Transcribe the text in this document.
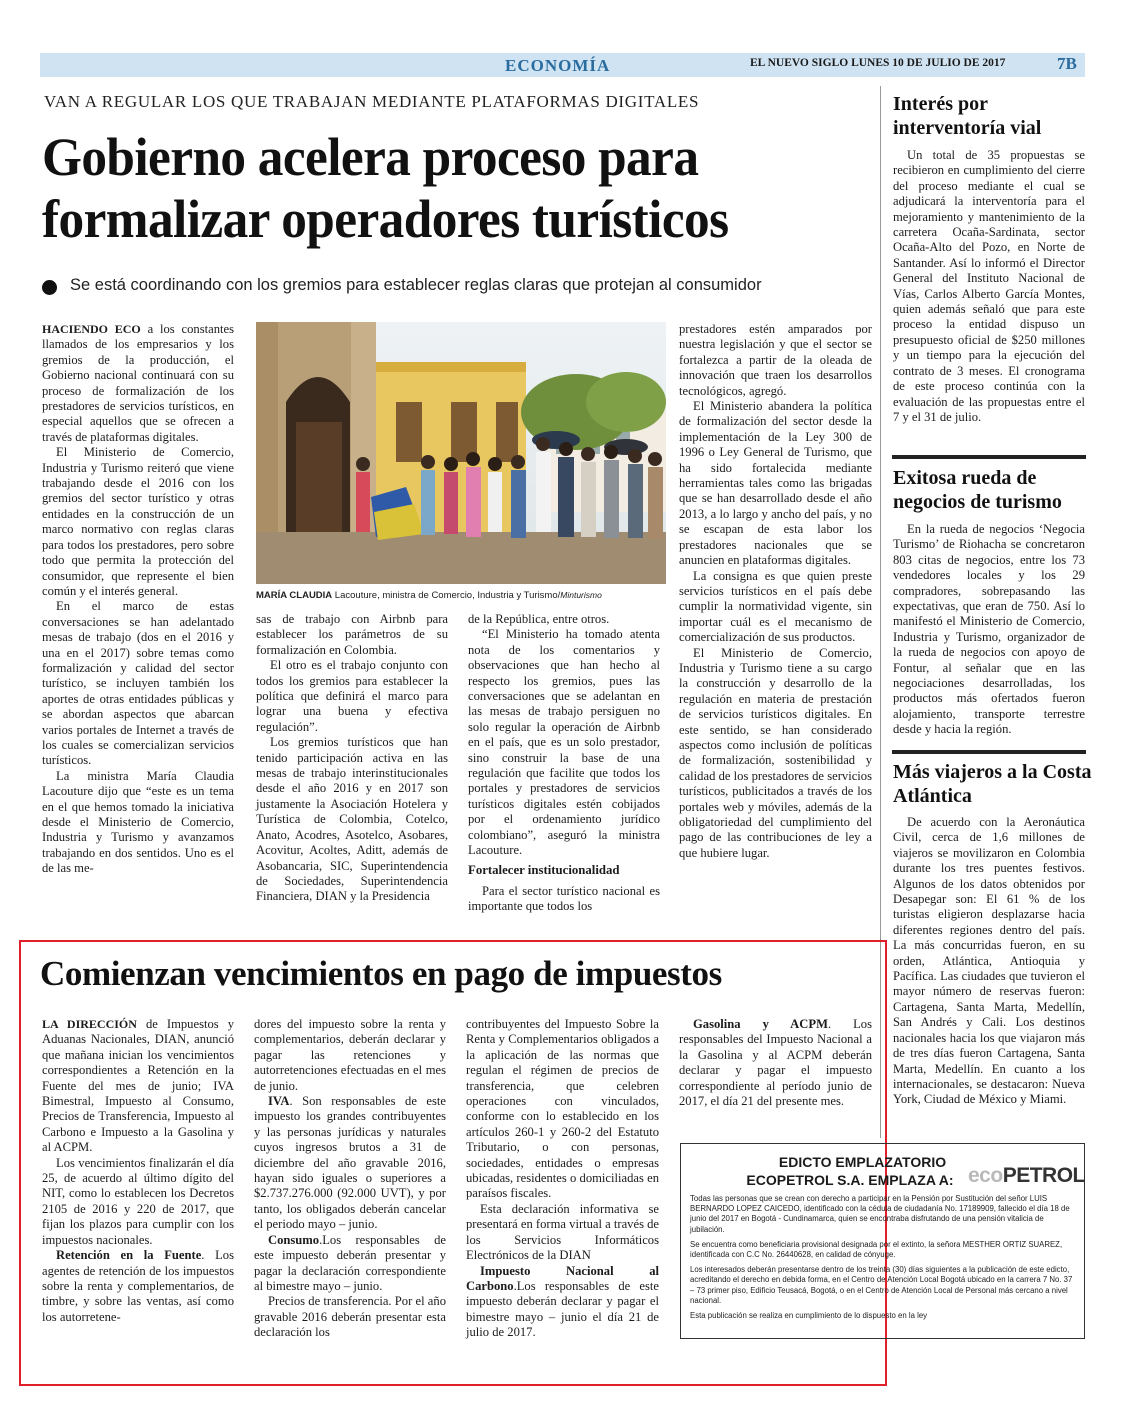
ECONOMÍA	EL NUEVO SIGLO LUNES 10 DE JULIO DE 2017	7B
VAN A REGULAR LOS QUE TRABAJAN MEDIANTE PLATAFORMAS DIGITALES
Gobierno acelera proceso para formalizar operadores turísticos
Se está coordinando con los gremios para establecer reglas claras que protejan al consumidor

HACIENDO ECO a los constantes llamados de los empresarios y los gremios de la producción, el Gobierno nacional continuará con su proceso de formalización de los prestadores de servicios turísticos, en especial aquellos que se ofrecen a través de plataformas digitales.

El Ministerio de Comercio, Industria y Turismo reiteró que viene trabajando desde el 2016 con los gremios del sector turístico y otras entidades en la construcción de un marco normativo con reglas claras para todos los prestadores, pero sobre todo que permita la protección del consumidor, que represente el bien común y el interés general.

En el marco de estas conversaciones se han adelantado mesas de trabajo (dos en el 2016 y una en el 2017) sobre temas como formalización y calidad del sector turístico, se incluyen también los aportes de otras entidades públicas y se abordan aspectos que abarcan varios portales de Internet a través de los cuales se comercializan servicios turísticos.

La ministra María Claudia Lacouture dijo que “este es un tema en el que hemos tomado la iniciativa desde el Ministerio de Comercio, Industria y Turismo y avanzamos trabajando en dos sentidos. Uno es el de las me-

MARÍA CLAUDIA Lacouture, ministra de Comercio, Industria y Turismo/Minturismo

sas de trabajo con Airbnb para establecer los parámetros de su formalización en Colombia.

El otro es el trabajo conjunto con todos los gremios para establecer la política que definirá el marco para lograr una buena y efectiva regulación”.

Los gremios turísticos que han tenido participación activa en las mesas de trabajo interinstitucionales desde el año 2016 y en 2017 son justamente la Asociación Hotelera y Turística de Colombia, Cotelco, Anato, Acodres, Asotelco, Asobares, Acovitur, Acoltes, Aditt, además de Asobancaria, SIC, Superintendencia de Sociedades, Superintendencia Financiera, DIAN y la Presidencia

de la República, entre otros.

“El Ministerio ha tomado atenta nota de los comentarios y observaciones que han hecho al respecto los gremios, pues las conversaciones que se adelantan en las mesas de trabajo persiguen no solo regular la operación de Airbnb en el país, que es un solo prestador, sino construir la base de una regulación que facilite que todos los portales y prestadores de servicios turísticos digitales estén cobijados por el ordenamiento jurídico colombiano”, aseguró la ministra Lacouture.

Fortalecer institucionalidad

Para el sector turístico nacional es importante que todos los

prestadores estén amparados por nuestra legislación y que el sector se fortalezca a partir de la oleada de innovación que traen los desarrollos tecnológicos, agregó.

El Ministerio abandera la política de formalización del sector desde la implementación de la Ley 300 de 1996 o Ley General de Turismo, que ha sido fortalecida mediante herramientas tales como las brigadas que se han desarrollado desde el año 2013, a lo largo y ancho del país, y no se escapan de esta labor los prestadores nacionales que se anuncien en plataformas digitales.

La consigna es que quien preste servicios turísticos en el país debe cumplir la normatividad vigente, sin importar cuál es el mecanismo de comercialización de sus productos.

El Ministerio de Comercio, Industria y Turismo tiene a su cargo la construcción y desarrollo de la regulación en materia de prestación de servicios turísticos digitales. En este sentido, se han considerado aspectos como inclusión de políticas de formalización, sostenibilidad y calidad de los prestadores de servicios turísticos, publicitados a través de los portales web y móviles, además de la obligatoriedad del cumplimiento del pago de las contribuciones de ley a que hubiere lugar.

Interés por interventoría vial

Un total de 35 propuestas se recibieron en cumplimiento del cierre del proceso mediante el cual se adjudicará la interventoría para el mejoramiento y mantenimiento de la carretera Ocaña-Sardinata, sector Ocaña-Alto del Pozo, en Norte de Santander. Así lo informó el Director General del Instituto Nacional de Vías, Carlos Alberto García Montes, quien además señaló que para este proceso la entidad dispuso un presupuesto oficial de $250 millones y un tiempo para la ejecución del contrato de 3 meses. El cronograma de este proceso continúa con la evaluación de las propuestas entre el 7 y el 31 de julio.

Exitosa rueda de negocios de turismo

En la rueda de negocios ‘Negocia Turismo’ de Riohacha se concretaron 803 citas de negocios, entre los 73 vendedores locales y los 29 compradores, sobrepasando las expectativas, que eran de 750. Así lo manifestó el Ministerio de Comercio, Industria y Turismo, organizador de la rueda de negocios con apoyo de Fontur, al señalar que en las negociaciones desarrolladas, los productos más ofertados fueron alojamiento, transporte terrestre desde y hacia la región.

Más viajeros a la Costa Atlántica

De acuerdo con la Aeronáutica Civil, cerca de 1,6 millones de viajeros se movilizaron en Colombia durante los tres puentes festivos. Algunos de los datos obtenidos por Desapegar son: El 61 % de los turistas eligieron desplazarse hacia diferentes regiones dentro del país. La más concurridas fueron, en su orden, Atlántica, Antioquia y Pacífica. Las ciudades que tuvieron el mayor número de reservas fueron: Cartagena, Santa Marta, Medellín, San Andrés y Cali. Los destinos nacionales hacia los que viajaron más de tres días fueron Cartagena, Santa Marta, Medellín. En cuanto a los internacionales, se destacaron: Nueva York, Ciudad de México y Miami.

Comienzan vencimientos en pago de impuestos

LA DIRECCIÓN de Impuestos y Aduanas Nacionales, DIAN, anunció que mañana inician los vencimientos correspondientes a Retención en la Fuente del mes de junio; IVA Bimestral, Impuesto al Consumo, Precios de Transferencia, Impuesto al Carbono e Impuesto a la Gasolina y al ACPM.

Los vencimientos finalizarán el día 25, de acuerdo al último dígito del NIT, como lo establecen los Decretos 2105 de 2016 y 220 de 2017, que fijan los plazos para cumplir con los impuestos nacionales.

Retención en la Fuente. Los agentes de retención de los impuestos sobre la renta y complementarios, de timbre, y sobre las ventas, así como los autorretene-

dores del impuesto sobre la renta y complementarios, deberán declarar y pagar las retenciones y autorretenciones efectuadas en el mes de junio.

IVA. Son responsables de este impuesto los grandes contribuyentes y las personas jurídicas y naturales cuyos ingresos brutos a 31 de diciembre del año gravable 2016, hayan sido iguales o superiores a $2.737.276.000 (92.000 UVT), y por tanto, los obligados deberán cancelar el periodo mayo – junio.

Consumo.Los responsables de este impuesto deberán presentar y pagar la declaración correspondiente al bimestre mayo – junio.

Precios de transferencia. Por el año gravable 2016 deberán presentar esta declaración los

contribuyentes del Impuesto Sobre la Renta y Complementarios obligados a la aplicación de las normas que regulan el régimen de precios de transferencia, que celebren operaciones con vinculados, conforme con lo establecido en los artículos 260-1 y 260-2 del Estatuto Tributario, o con personas, sociedades, entidades o empresas ubicadas, residentes o domiciliadas en paraísos fiscales.

Esta declaración informativa se presentará en forma virtual a través de los Servicios Informáticos Electrónicos de la DIAN

Impuesto Nacional al Carbono.Los responsables de este impuesto deberán declarar y pagar el bimestre mayo – junio el día 21 de julio de 2017.

Gasolina y ACPM. Los responsables del Impuesto Nacional a la Gasolina y al ACPM deberán declarar y pagar el impuesto correspondiente al período junio de 2017, el día 21 del presente mes.

EDICTO EMPLAZATORIO
ECOPETROL S.A. EMPLAZA A: ecoPETROL

Todas las personas que se crean con derecho a participar en la Pensión por Sustitución del señor LUIS BERNARDO LOPEZ CAICEDO, identificado con la cédula de ciudadanía No. 17189909, fallecido el día 18 de junio del 2017 en Bogotá - Cundinamarca, quien se encontraba disfrutando de una pensión vitalicia de jubilación.

Se encuentra como beneficiaria provisional designada por el extinto, la señora MESTHER ORTIZ SUAREZ, identificada con C.C No. 26440628, en calidad de cónyuge.

Los interesados deberán presentarse dentro de los treinta (30) días siguientes a la publicación de este edicto, acreditando el derecho en debida forma, en el Centro de Atención Local Bogotá ubicado en la carrera 7 No. 37 – 73 primer piso, Edificio Teusacá, Bogotá, o en el Centro de Atención Local de Personal más cercano a nivel nacional.

Esta publicación se realiza en cumplimiento de lo dispuesto en la ley
